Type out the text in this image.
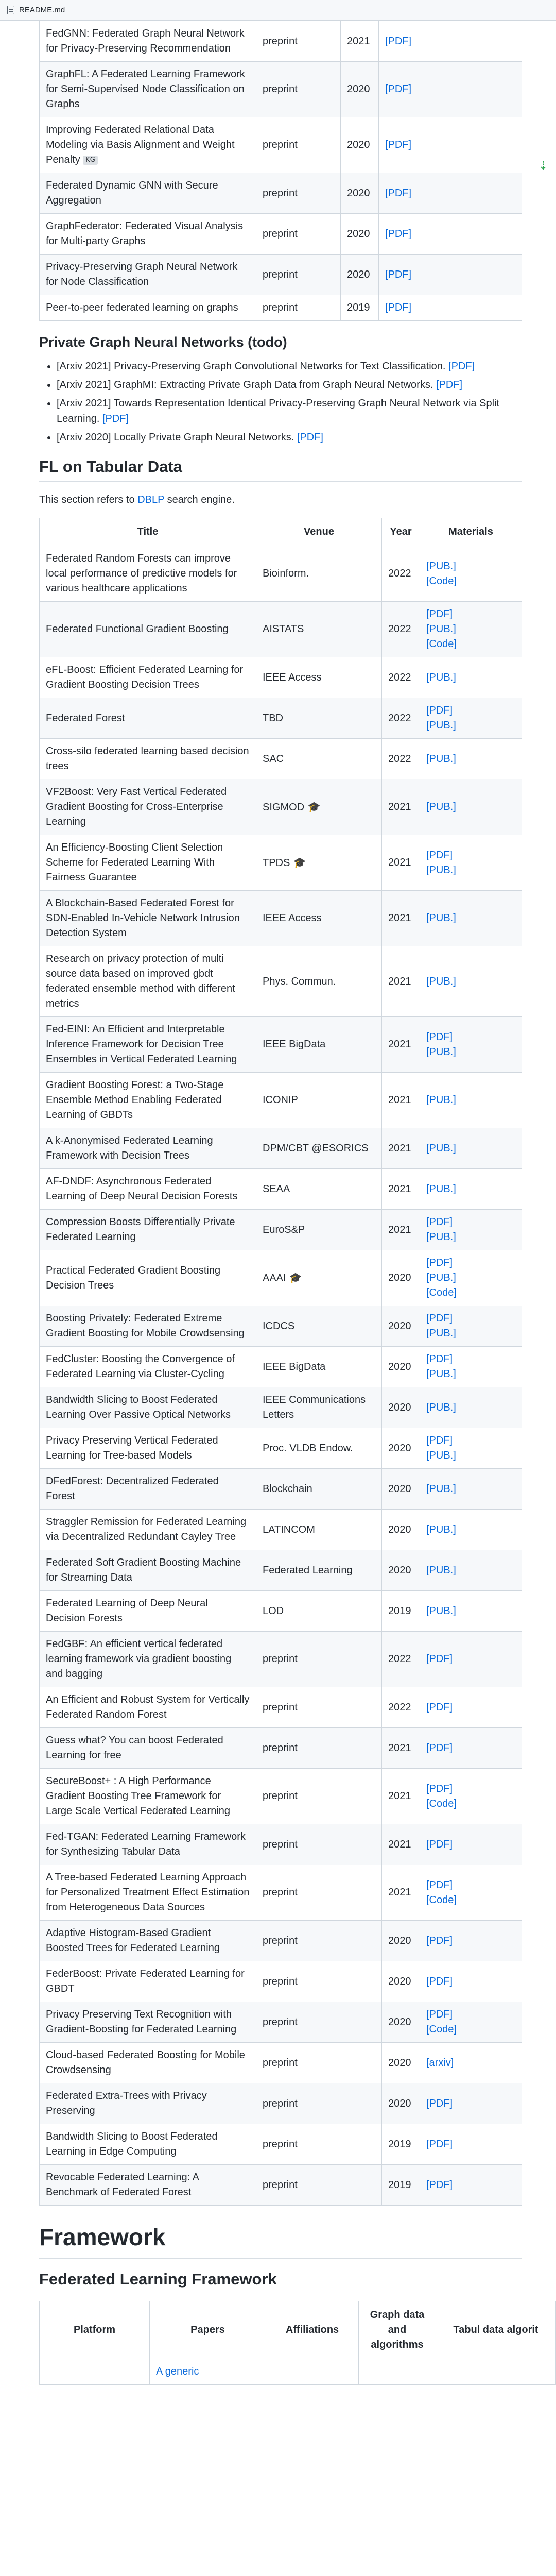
README.md
⇣
FedGNN: Federated Graph Neural Network for Privacy-Preserving Recommendation	preprint	2021	[PDF]

GraphFL: A Federated Learning Framework for Semi-Supervised Node Classification on Graphs	preprint	2020	[PDF]

Improving Federated Relational Data Modeling via Basis Alignment and Weight Penalty KG	preprint	2020	[PDF]

Federated Dynamic GNN with Secure Aggregation	preprint	2020	[PDF]

GraphFederator: Federated Visual Analysis for Multi-party Graphs	preprint	2020	[PDF]

Privacy-Preserving Graph Neural Network for Node Classification	preprint	2020	[PDF]

Peer-to-peer federated learning on graphs	preprint	2019	[PDF]
Private Graph Neural Networks (todo)
• [Arxiv 2021] Privacy-Preserving Graph Convolutional Networks for Text Classification. [PDF]
• [Arxiv 2021] GraphMI: Extracting Private Graph Data from Graph Neural Networks. [PDF]
• [Arxiv 2021] Towards Representation Identical Privacy-Preserving Graph Neural Network via Split Learning. [PDF]
• [Arxiv 2020] Locally Private Graph Neural Networks. [PDF]
FL on Tabular Data

This section refers to DBLP search engine.

Title	Venue	Year	Materials
Federated Random Forests can improve local performance of predictive models for various healthcare applications	Bioinform.	2022	[PUB.]
[Code]

Federated Functional Gradient Boosting	AISTATS	2022	[PDF]
[PUB.]
[Code]

eFL-Boost: Efficient Federated Learning for Gradient Boosting Decision Trees	IEEE Access	2022	[PUB.]

Federated Forest	TBD	2022	[PDF]
[PUB.]

Cross-silo federated learning based decision trees	SAC	2022	[PUB.]

VF2Boost: Very Fast Vertical Federated Gradient Boosting for Cross-Enterprise Learning	SIGMOD 🎓	2021	[PUB.]

An Efficiency-Boosting Client Selection Scheme for Federated Learning With Fairness Guarantee	TPDS 🎓	2021	[PDF]
[PUB.]

A Blockchain-Based Federated Forest for SDN-Enabled In-Vehicle Network Intrusion Detection System	IEEE Access	2021	[PUB.]

Research on privacy protection of multi source data based on improved gbdt federated ensemble method with different metrics	Phys. Commun.	2021	[PUB.]

Fed-EINI: An Efficient and Interpretable Inference Framework for Decision Tree Ensembles in Vertical Federated Learning	IEEE BigData	2021	[PDF]
[PUB.]

Gradient Boosting Forest: a Two-Stage Ensemble Method Enabling Federated Learning of GBDTs	ICONIP	2021	[PUB.]

A k-Anonymised Federated Learning Framework with Decision Trees	DPM/CBT @ESORICS	2021	[PUB.]

AF-DNDF: Asynchronous Federated Learning of Deep Neural Decision Forests	SEAA	2021	[PUB.]

Compression Boosts Differentially Private Federated Learning	EuroS&P	2021	[PDF]
[PUB.]

Practical Federated Gradient Boosting Decision Trees	AAAI 🎓	2020	[PDF]
[PUB.]
[Code]

Boosting Privately: Federated Extreme Gradient Boosting for Mobile Crowdsensing	ICDCS	2020	[PDF]
[PUB.]

FedCluster: Boosting the Convergence of Federated Learning via Cluster-Cycling	IEEE BigData	2020	[PDF]
[PUB.]

Bandwidth Slicing to Boost Federated Learning Over Passive Optical Networks	IEEE Communications Letters	2020	[PUB.]

Privacy Preserving Vertical Federated Learning for Tree-based Models	Proc. VLDB Endow.	2020	[PDF]
[PUB.]

DFedForest: Decentralized Federated Forest	Blockchain	2020	[PUB.]

Straggler Remission for Federated Learning via Decentralized Redundant Cayley Tree	LATINCOM	2020	[PUB.]

Federated Soft Gradient Boosting Machine for Streaming Data	Federated Learning	2020	[PUB.]

Federated Learning of Deep Neural Decision Forests	LOD	2019	[PUB.]

FedGBF: An efficient vertical federated learning framework via gradient boosting and bagging	preprint	2022	[PDF]

An Efficient and Robust System for Vertically Federated Random Forest	preprint	2022	[PDF]

Guess what? You can boost Federated Learning for free	preprint	2021	[PDF]

SecureBoost+ : A High Performance Gradient Boosting Tree Framework for Large Scale Vertical Federated Learning	preprint	2021	[PDF]
[Code]

Fed-TGAN: Federated Learning Framework for Synthesizing Tabular Data	preprint	2021	[PDF]

A Tree-based Federated Learning Approach for Personalized Treatment Effect Estimation from Heterogeneous Data Sources	preprint	2021	[PDF]
[Code]

Adaptive Histogram-Based Gradient Boosted Trees for Federated Learning	preprint	2020	[PDF]

FederBoost: Private Federated Learning for GBDT	preprint	2020	[PDF]

Privacy Preserving Text Recognition with Gradient-Boosting for Federated Learning	preprint	2020	[PDF]
[Code]

Cloud-based Federated Boosting for Mobile Crowdsensing	preprint	2020	[arxiv]

Federated Extra-Trees with Privacy Preserving	preprint	2020	[PDF]

Bandwidth Slicing to Boost Federated Learning in Edge Computing	preprint	2019	[PDF]

Revocable Federated Learning: A Benchmark of Federated Forest	preprint	2019	[PDF]
Framework
Federated Learning Framework
Platform	Papers	Affiliations	Graph data and algorithms	Tabul data algorit
	A generic			
